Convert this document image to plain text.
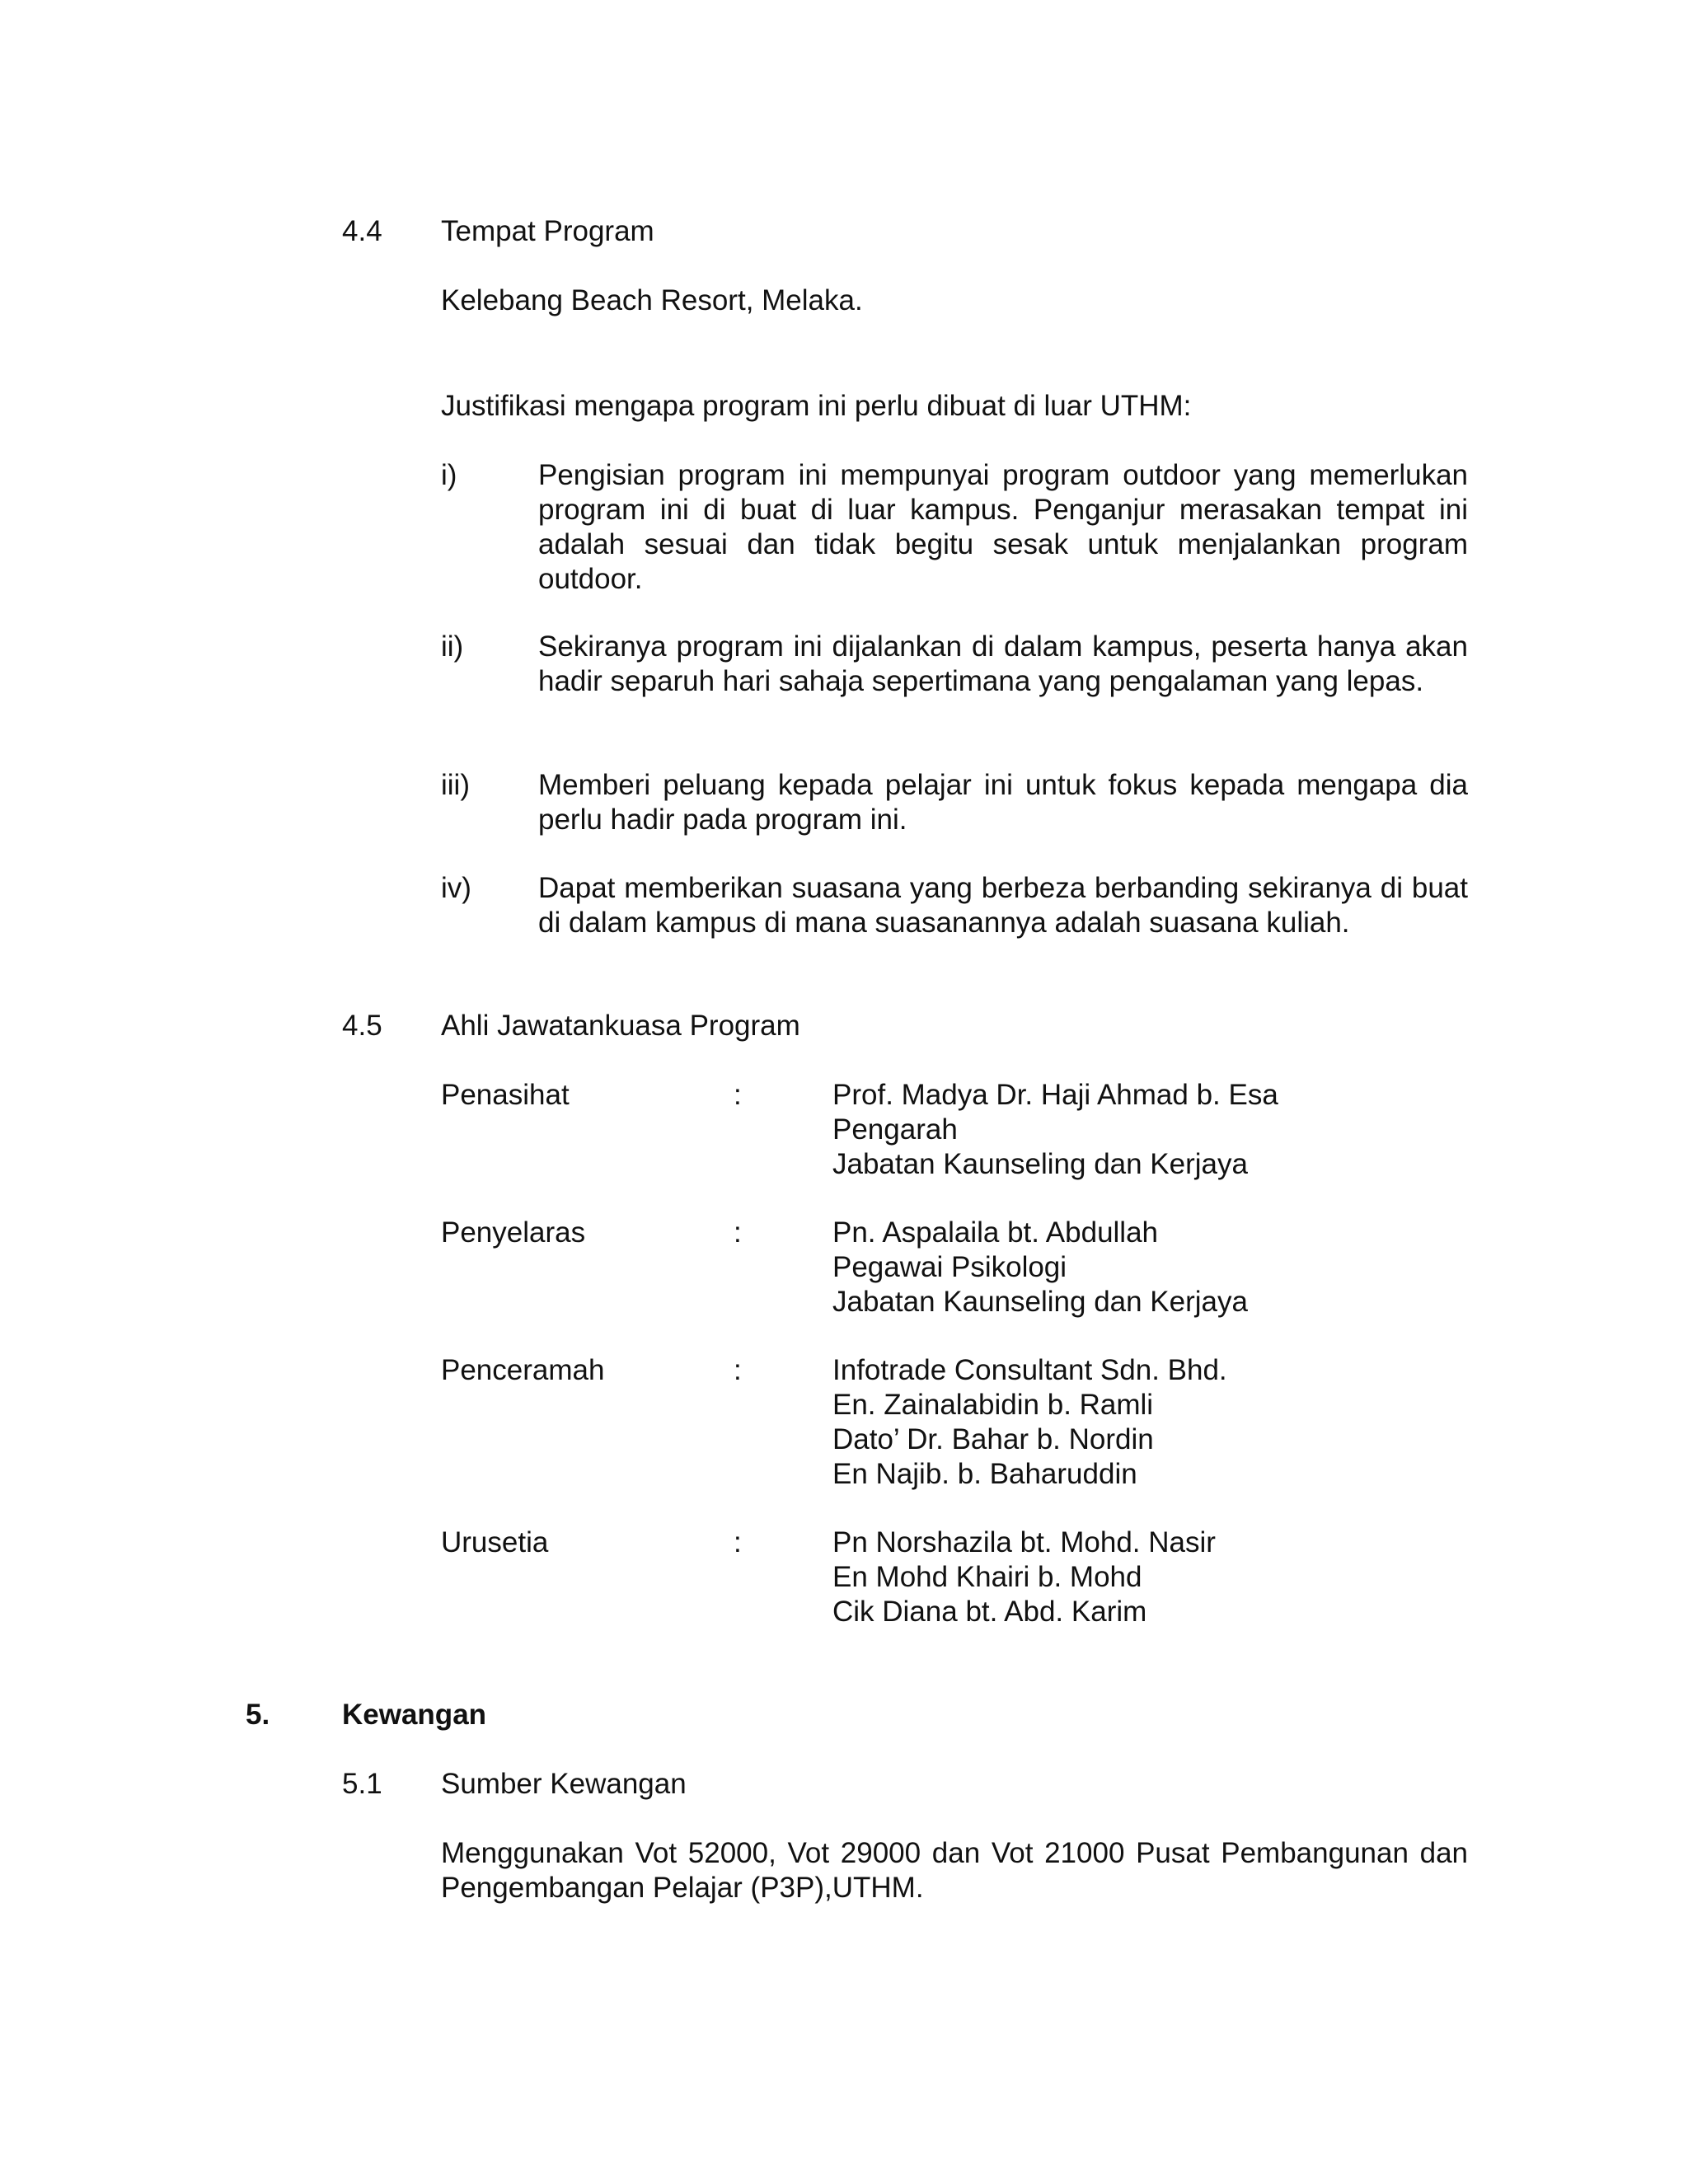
4.4 Tempat Program

Kelebang Beach Resort, Melaka.

Justifikasi mengapa program ini perlu dibuat di luar UTHM:

i)	Pengisian program ini mempunyai program outdoor yang memerlukan program ini di buat di luar kampus. Penganjur merasakan tempat ini adalah sesuai dan tidak begitu sesak untuk menjalankan program outdoor.

ii)	Sekiranya program ini dijalankan di dalam kampus, peserta hanya akan hadir separuh hari sahaja sepertimana yang pengalaman yang lepas.

iii) Memberi peluang kepada pelajar ini untuk fokus kepada mengapa dia perlu hadir pada program ini.

iv) Dapat memberikan suasana yang berbeza berbanding sekiranya di buat di dalam kampus di mana suasanannya adalah suasana kuliah.

4.5 Ahli Jawatankuasa Program

Penasihat	:	Prof. Madya Dr. Haji Ahmad b. Esa

Pengarah

Jabatan Kaunseling dan Kerjaya

Penyelaras	:	Pn. Aspalaila bt. Abdullah

Pegawai Psikologi

Jabatan Kaunseling dan Kerjaya

Penceramah	:	Infotrade Consultant Sdn. Bhd.

En. Zainalabidin b. Ramli

Dato’ Dr. Bahar b. Nordin

En Najib. b. Baharuddin

Urusetia	:	Pn Norshazila bt. Mohd. Nasir

En Mohd Khairi b. Mohd

Cik Diana bt. Abd. Karim

5.	Kewangan

5.1 Sumber Kewangan

Menggunakan Vot 52000, Vot 29000 dan Vot 21000 Pusat Pembangunan dan Pengembangan Pelajar (P3P),UTHM.
